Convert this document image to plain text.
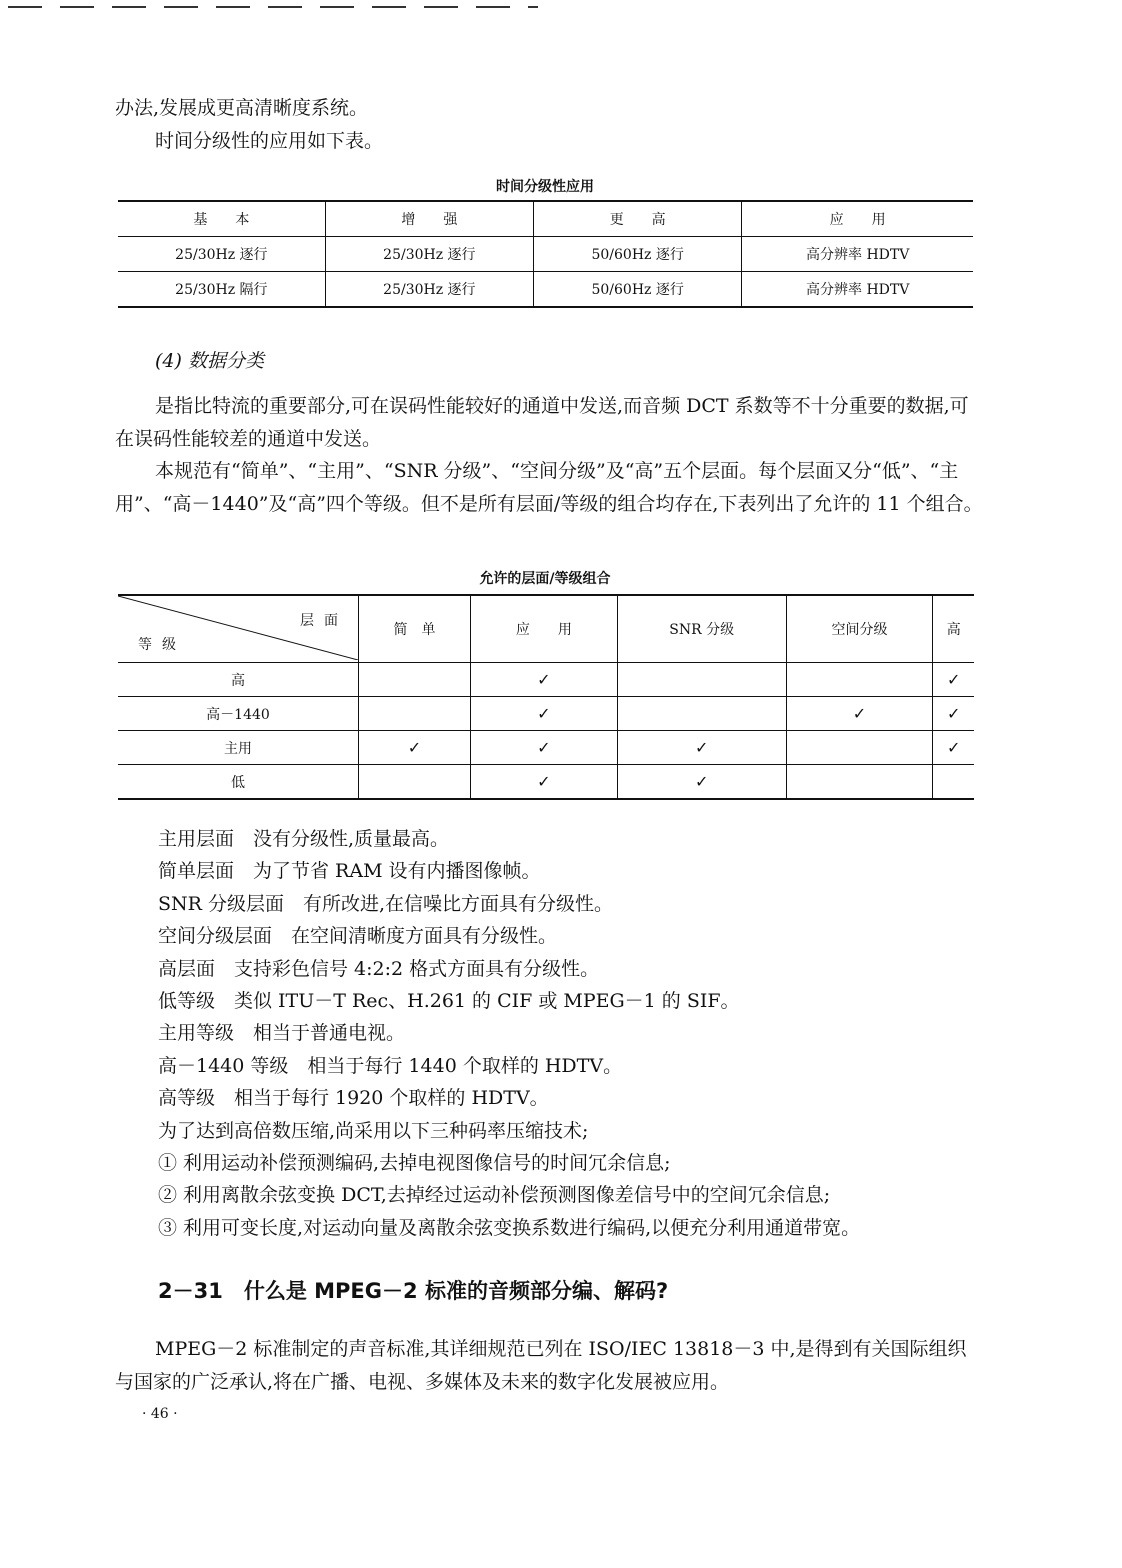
办法,发展成更高清晰度系统。

时间分级性的应用如下表。

时间分级性应用
基　　本	增　　强	更　　高	应　　用
25/30Hz 逐行	25/30Hz 逐行	50/60Hz 逐行	高分辨率 HDTV
25/30Hz 隔行	25/30Hz 逐行	50/60Hz 逐行	高分辨率 HDTV

(4) 数据分类

是指比特流的重要部分,可在误码性能较好的通道中发送,而音频 DCT 系数等不十分重要的数据,可在误码性能较差的通道中发送。

本规范有“简单”、“主用”、“SNR 分级”、“空间分级”及“高”五个层面。每个层面又分“低”、“主用”、“高－1440”及“高”四个等级。但不是所有层面/等级的组合均存在,下表列出了允许的 11 个组合。

允许的层面/等级组合
层面
等级	简　单	应　　用	SNR 分级	空间分级	高
高		✓			✓
高－1440		✓		✓	✓
主用	✓	✓	✓		✓
低		✓	✓		

主用层面　没有分级性,质量最高。

简单层面　为了节省 RAM 设有内播图像帧。

SNR 分级层面　有所改进,在信噪比方面具有分级性。

空间分级层面　在空间清晰度方面具有分级性。

高层面　支持彩色信号 4:2:2 格式方面具有分级性。

低等级　类似 ITU－T Rec、H.261 的 CIF 或 MPEG－1 的 SIF。

主用等级　相当于普通电视。

高－1440 等级　相当于每行 1440 个取样的 HDTV。

高等级　相当于每行 1920 个取样的 HDTV。

为了达到高倍数压缩,尚采用以下三种码率压缩技术;

① 利用运动补偿预测编码,去掉电视图像信号的时间冗余信息;

② 利用离散余弦变换 DCT,去掉经过运动补偿预测图像差信号中的空间冗余信息;

③ 利用可变长度,对运动向量及离散余弦变换系数进行编码,以便充分利用通道带宽。

2－31　什么是 MPEG－2 标准的音频部分编、解码?

MPEG－2 标准制定的声音标准,其详细规范已列在 ISO/IEC 13818－3 中,是得到有关国际组织与国家的广泛承认,将在广播、电视、多媒体及未来的数字化发展被应用。

· 46 ·
